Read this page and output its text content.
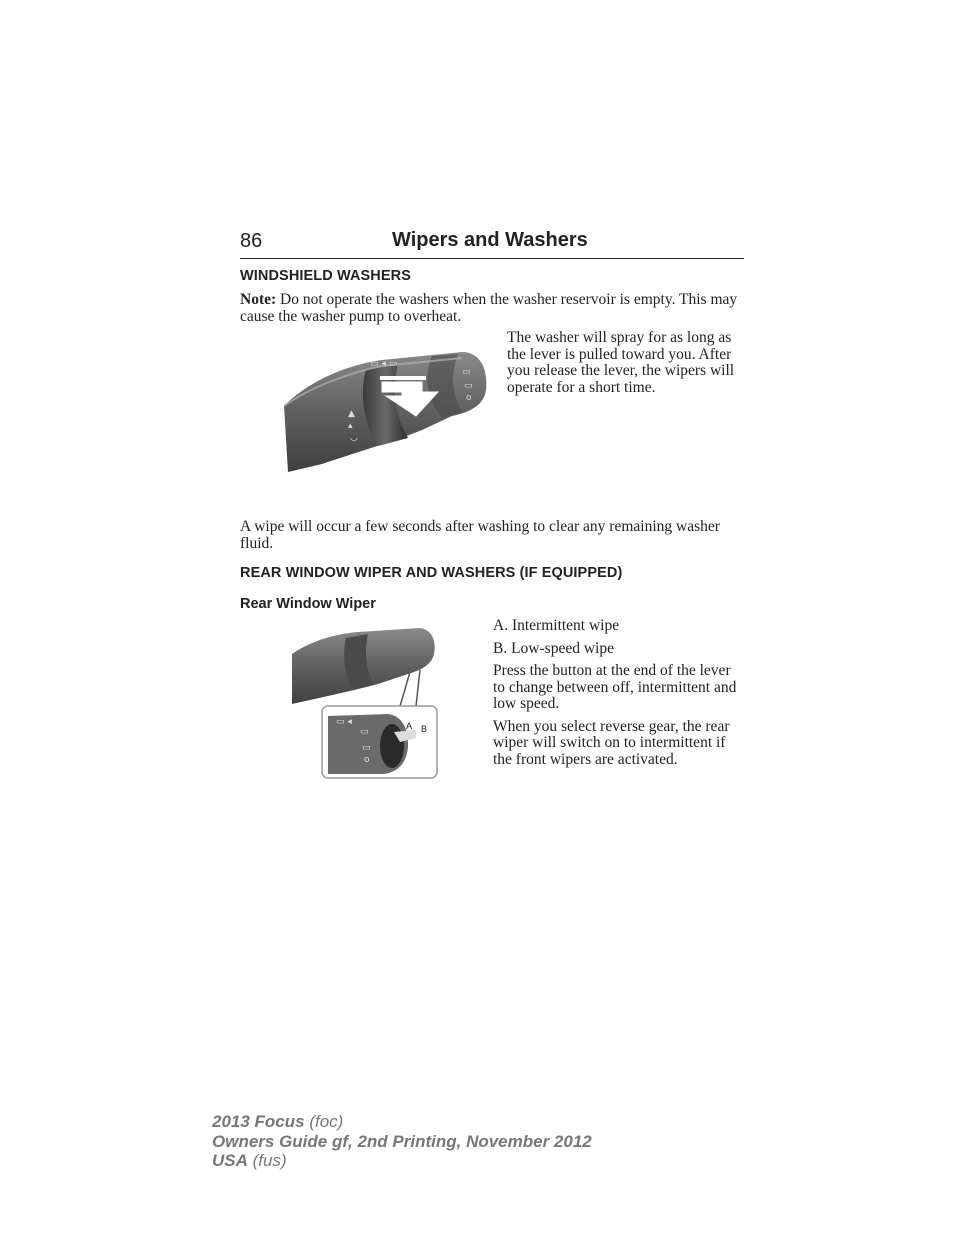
86	Wipers and Washers
WINDSHIELD WASHERS
Note: Do not operate the washers when the washer reservoir is empty. This may cause the washer pump to overheat.
▲
▴
◡
▭
▭
o
▭ ◂ ▭
The washer will spray for as long as the lever is pulled toward you. After you release the lever, the wipers will operate for a short time.
A wipe will occur a few seconds after washing to clear any remaining washer fluid.
REAR WINDOW WIPER AND WASHERS (IF EQUIPPED)
Rear Window Wiper
▭
▭
o
▭ ◂	A B
A. Intermittent wipe
B. Low-speed wipe
Press the button at the end of the lever to change between off, intermittent and low speed.
When you select reverse gear, the rear wiper will switch on to intermittent if the front wipers are activated.
2013 Focus (foc)
Owners Guide gf, 2nd Printing, November 2012
USA (fus)
